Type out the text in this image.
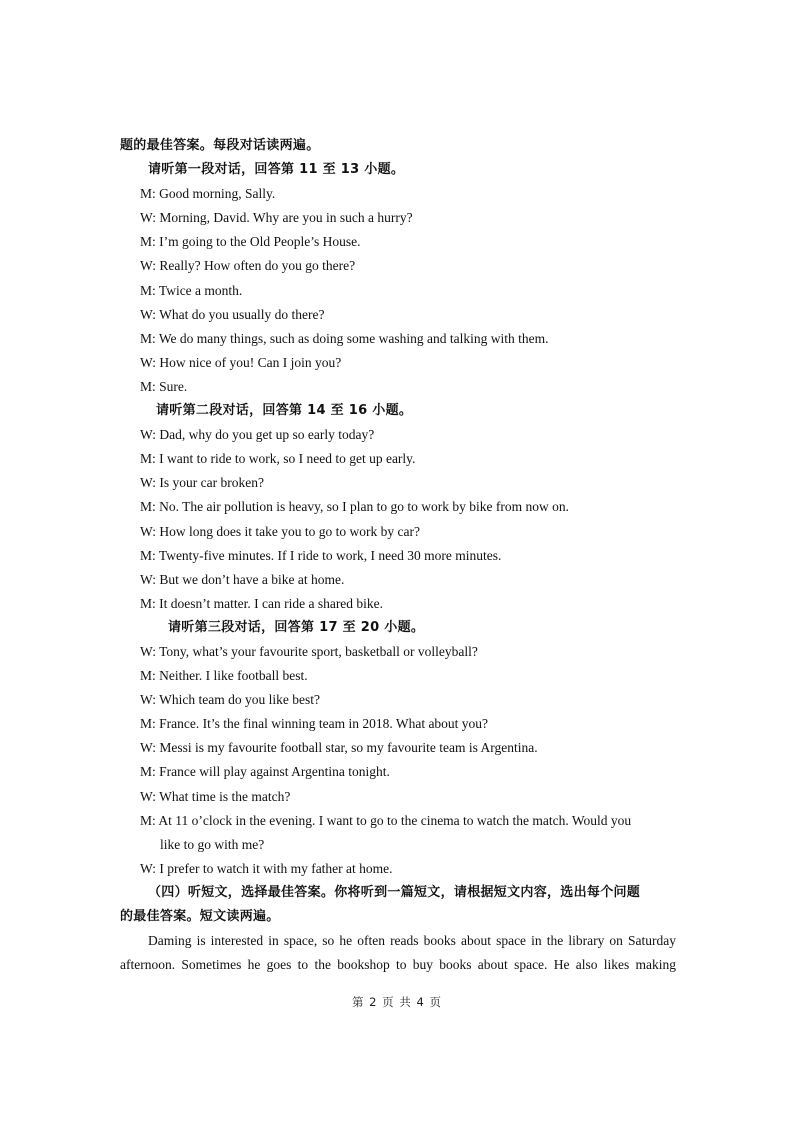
题的最佳答案。每段对话读两遍。
请听第一段对话，回答第 11 至 13 小题。
M: Good morning, Sally.
W: Morning, David. Why are you in such a hurry?
M: I’m going to the Old People’s House.
W: Really? How often do you go there?
M: Twice a month.
W: What do you usually do there?
M: We do many things, such as doing some washing and talking with them.
W: How nice of you! Can I join you?
M: Sure.
请听第二段对话，回答第 14 至 16 小题。
W: Dad, why do you get up so early today?
M: I want to ride to work, so I need to get up early.
W: Is your car broken?
M: No. The air pollution is heavy, so I plan to go to work by bike from now on.
W: How long does it take you to go to work by car?
M: Twenty-five minutes. If I ride to work, I need 30 more minutes.
W: But we don’t have a bike at home.
M: It doesn’t matter. I can ride a shared bike.
请听第三段对话，回答第 17 至 20 小题。
W: Tony, what’s your favourite sport, basketball or volleyball?
M: Neither. I like football best.
W: Which team do you like best?
M: France. It’s the final winning team in 2018. What about you?
W: Messi is my favourite football star, so my favourite team is Argentina.
M: France will play against Argentina tonight.
W: What time is the match?
M: At 11 o’clock in the evening. I want to go to the cinema to watch the match. Would you
like to go with me?
W: I prefer to watch it with my father at home.
（四）听短文，选择最佳答案。你将听到一篇短文，请根据短文内容，选出每个问题
的最佳答案。短文读两遍。
Daming is interested in space, so he often reads books about space in the library on Saturday
afternoon. Sometimes he goes to the bookshop to buy books about space. He also likes making
第 2 页 共 4 页
